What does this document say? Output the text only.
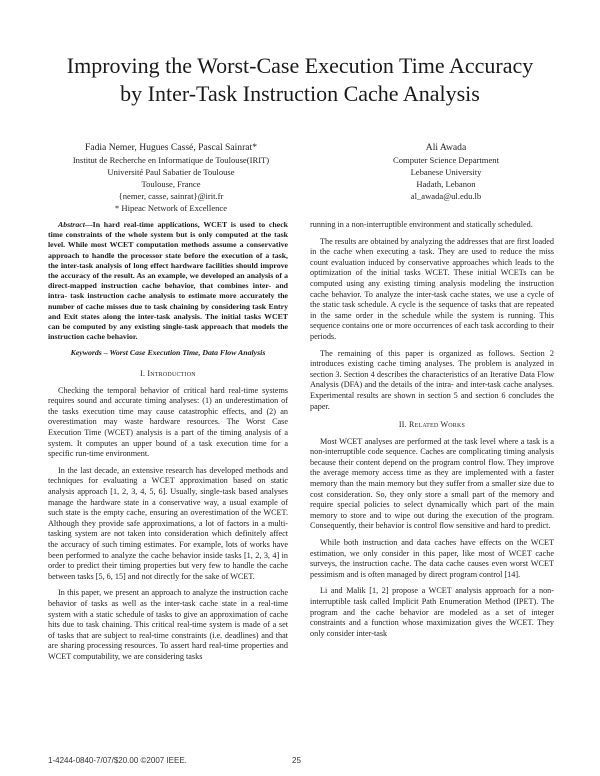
Improving the Worst-Case Execution Time Accuracy
by Inter-Task Instruction Cache Analysis
Fadia Nemer, Hugues Cassé, Pascal Sainrat*
Institut de Recherche en Informatique de Toulouse(IRIT)
Université Paul Sabatier de Toulouse
Toulouse, France
{nemer, casse, sainrat}@irit.fr
* Hipeac Network of Excellence
Ali Awada
Computer Science Department
Lebanese University
Hadath, Lebanon
al_awada@ul.edu.lb

Abstract—In hard real-time applications, WCET is used to check time constraints of the whole system but is only computed at the task level. While most WCET computation methods assume a conservative approach to handle the processor state before the execution of a task, the inter-task analysis of long effect hardware facilities should improve the accuracy of the result. As an example, we developed an analysis of a direct-mapped instruction cache behavior, that combines inter- and intra- task instruction cache analysis to estimate more accurately the number of cache misses due to task chaining by considering task Entry and Exit states along the inter-task analysis. The initial tasks WCET can be computed by any existing single-task approach that models the instruction cache behavior.

Keywords – Worst Case Execution Time, Data Flow Analysis
I. Introduction

Checking the temporal behavior of critical hard real-time systems requires sound and accurate timing analyses: (1) an underestimation of the tasks execution time may cause catastrophic effects, and (2) an overestimation may waste hardware resources. The Worst Case Execution Time (WCET) analysis is a part of the timing analysis of a system. It computes an upper bound of a task execution time for a specific run-time environment.

In the last decade, an extensive research has developed methods and techniques for evaluating a WCET approximation based on static analysis approach [1, 2, 3, 4, 5, 6]. Usually, single-task based analyses manage the hardware state in a conservative way, a usual example of such state is the empty cache, ensuring an overestimation of the WCET. Although they provide safe approximations, a lot of factors in a multi-tasking system are not taken into consideration which definitely affect the accuracy of such timing estimates. For example, lots of works have been performed to analyze the cache behavior inside tasks [1, 2, 3, 4] in order to predict their timing properties but very few to handle the cache between tasks [5, 6, 15] and not directly for the sake of WCET.

In this paper, we present an approach to analyze the instruction cache behavior of tasks as well as the inter-task cache state in a real-time system with a static schedule of tasks to give an approximation of cache hits due to task chaining. This critical real-time system is made of a set of tasks that are subject to real-time constraints (i.e. deadlines) and that are sharing processing resources. To assert hard real-time properties and WCET computability, we are considering tasks

running in a non-interruptible environment and statically scheduled.

The results are obtained by analyzing the addresses that are first loaded in the cache when executing a task. They are used to reduce the miss count evaluation induced by conservative approaches which leads to the optimization of the initial tasks WCET. These initial WCETs can be computed using any existing timing analysis modeling the instruction cache behavior. To analyze the inter-task cache states, we use a cycle of the static task schedule. A cycle is the sequence of tasks that are repeated in the same order in the schedule while the system is running. This sequence contains one or more occurrences of each task according to their periods.

The remaining of this paper is organized as follows. Section 2 introduces existing cache timing analyses. The problem is analyzed in section 3. Section 4 describes the characteristics of an Iterative Data Flow Analysis (DFA) and the details of the intra- and inter-task cache analyses. Experimental results are shown in section 5 and section 6 concludes the paper.

II. Related Works

Most WCET analyses are performed at the task level where a task is a non-interruptible code sequence. Caches are complicating timing analysis because their content depend on the program control flow. They improve the average memory access time as they are implemented with a faster memory than the main memory but they suffer from a smaller size due to cost consideration. So, they only store a small part of the memory and require special policies to select dynamically which part of the main memory to store and to wipe out during the execution of the program. Consequently, their behavior is control flow sensitive and hard to predict.

While both instruction and data caches have effects on the WCET estimation, we only consider in this paper, like most of WCET cache surveys, the instruction cache. The data cache causes even worst WCET pessimism and is often managed by direct program control [14].

Li and Malik [1, 2] propose a WCET analysis approach for a non-interruptible task called Implicit Path Enumeration Method (IPET). The program and the cache behavior are modeled as a set of integer constraints and a function whose maximization gives the WCET. They only consider inter-task

1-4244-0840-7/07/$20.00 ©2007 IEEE.	25
